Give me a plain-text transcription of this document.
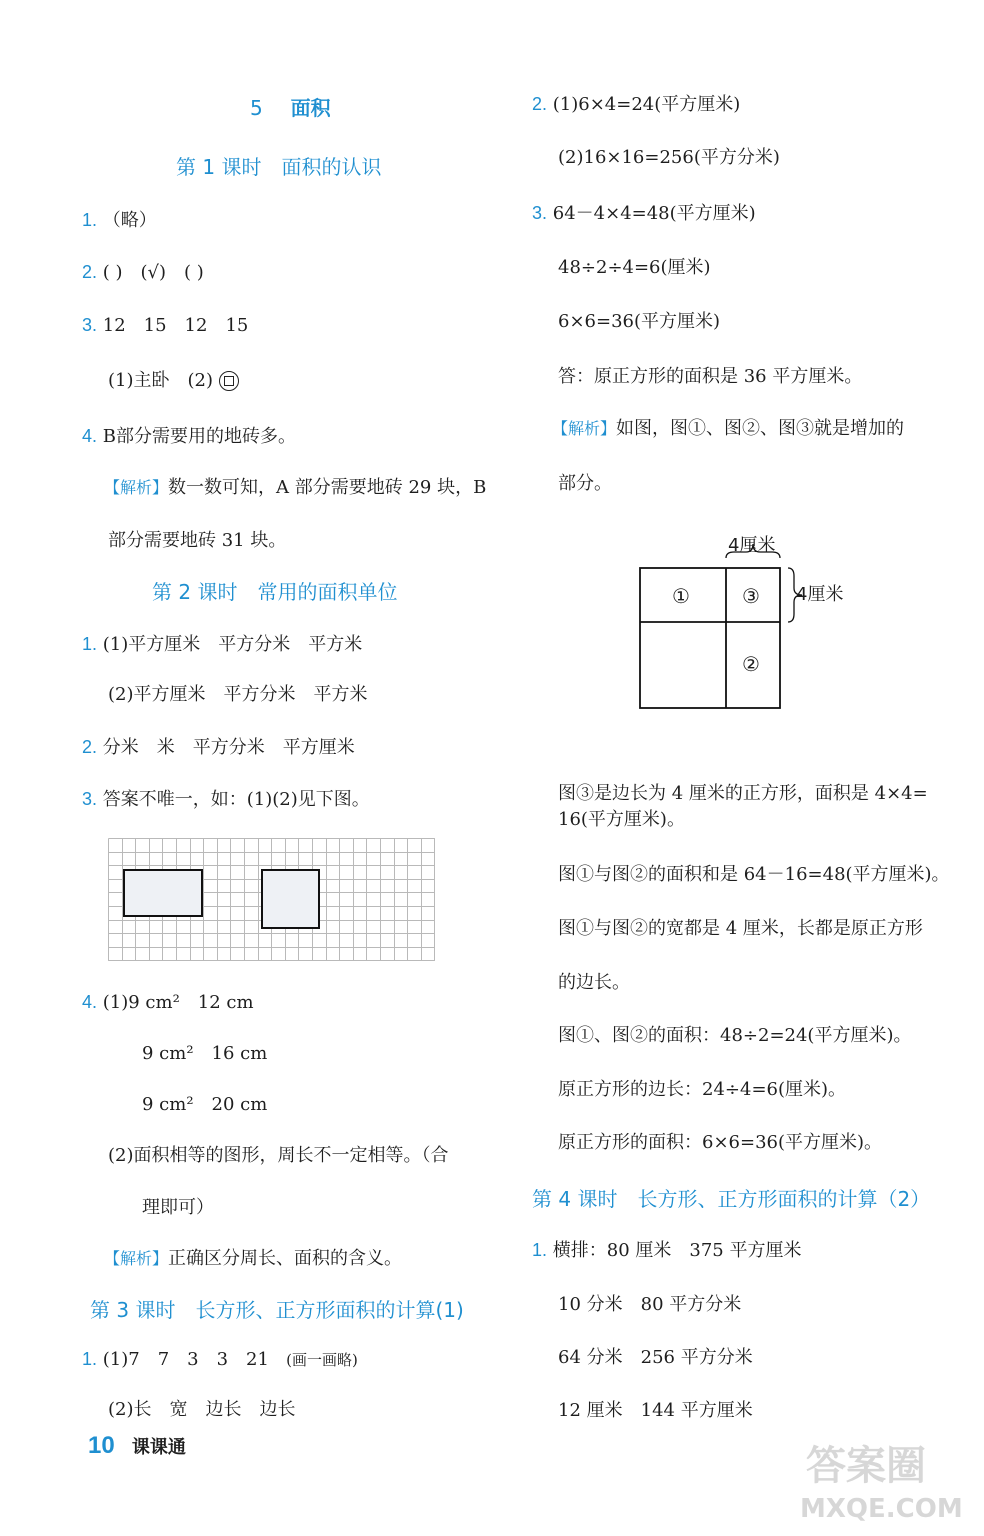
5 面积
第 1 课时　面积的认识
1. （略）
2. ( )　(√)　( )
3. 12　15　12　15
(1)主卧　(2)
4. B部分需要用的地砖多。
【解析】数一数可知，A 部分需要地砖 29 块，B
部分需要地砖 31 块。
第 2 课时　常用的面积单位
1. (1)平方厘米　平方分米　平方米
(2)平方厘米　平方分米　平方米
2. 分米　米　平方分米　平方厘米
3. 答案不唯一，如：(1)(2)见下图。
4. (1)9 cm²　12 cm
9 cm²　16 cm
9 cm²　20 cm
(2)面积相等的图形，周长不一定相等。（合
理即可）
【解析】正确区分周长、面积的含义。
第 3 课时　长方形、正方形面积的计算(1)
1. (1)7　7　3　3　21 (画一画略)
(2)长　宽　边长　边长
2. (1)6×4=24(平方厘米)
(2)16×16=256(平方分米)
3. 64－4×4=48(平方厘米)
48÷2÷4=6(厘米)
6×6=36(平方厘米)
答：原正方形的面积是 36 平方厘米。
【解析】如图，图①、图②、图③就是增加的
部分。
4厘米
4厘米
①	③
②
图③是边长为 4 厘米的正方形，面积是 4×4=
16(平方厘米)。
图①与图②的面积和是 64－16=48(平方厘米)。
图①与图②的宽都是 4 厘米，长都是原正方形
的边长。
图①、图②的面积：48÷2=24(平方厘米)。
原正方形的边长：24÷4=6(厘米)。
原正方形的面积：6×6=36(平方厘米)。
第 4 课时　长方形、正方形面积的计算（2）
1. 横排：80 厘米　375 平方厘米
10 分米　80 平方分米
64 分米　256 平方分米
12 厘米　144 平方厘米
10 课课通	答案圈
MXQE.COM
